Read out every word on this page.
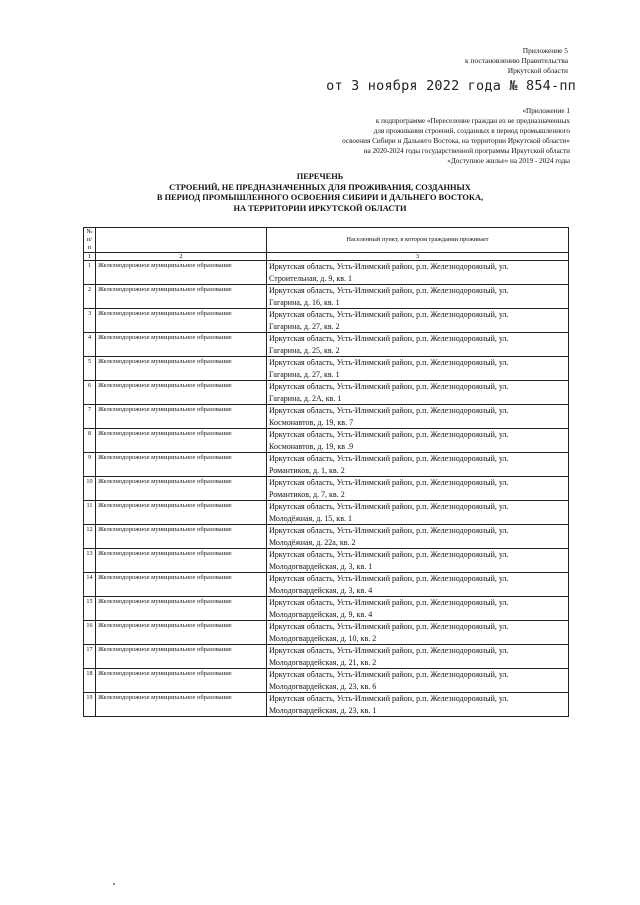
Приложение 5
к постановлению Правительства
Иркутской области
от 3 ноября 2022 года № 854-пп
«Приложение 1
к подпрограмме «Переселение граждан из не предназначенных
для проживания строений, созданных в период промышленного
освоения Сибири и Дальнего Востока, на территории Иркутской области»
на 2020-2024 годы государственной программы Иркутской области
«Доступное жилье» на 2019 - 2024 годы
ПЕРЕЧЕНЬ
СТРОЕНИЙ, НЕ ПРЕДНАЗНАЧЕННЫХ ДЛЯ ПРОЖИВАНИЯ, СОЗДАННЫХ
В ПЕРИОД ПРОМЫШЛЕННОГО ОСВОЕНИЯ СИБИРИ И ДАЛЬНЕГО ВОСТОКА,
НА ТЕРРИТОРИИ ИРКУТСКОЙ ОБЛАСТИ
№
п/п		Населенный пункт, в котором граждании проживает
1	2	3
1	Железнодорожное муниципальное образование	Иркутская область, Усть-Илимский район, р.п. Железнодорожный, ул.
Строительная, д. 9, кв. 1

2	Железнодорожное муниципальное образование	Иркутская область, Усть-Илимский район, р.п. Железнодорожный, ул.
Гагарина, д. 16, кв. 1

3	Железнодорожное муниципальное образование	Иркутская область, Усть-Илимский район, р.п. Железнодорожный, ул.
Гагарина, д. 27, кв. 2

4	Железнодорожное муниципальное образование	Иркутская область, Усть-Илимский район, р.п. Железнодорожный, ул.
Гагарина, д. 25, кв. 2

5	Железнодорожное муниципальное образование	Иркутская область, Усть-Илимский район, р.п. Железнодорожный, ул.
Гагарина, д. 27, кв. 1

6	Железнодорожное муниципальное образование	Иркутская область, Усть-Илимский район, р.п. Железнодорожный, ул.
Гагарина, д. 2А, кв. 1

7	Железнодорожное муниципальное образование	Иркутская область, Усть-Илимский район, р.п. Железнодорожный, ул.
Космонавтов, д. 19, кв. 7

8	Железнодорожное муниципальное образование	Иркутская область, Усть-Илимский район, р.п. Железнодорожный, ул.
Космонавтов, д. 19, кв .9

9	Железнодорожное муниципальное образование	Иркутская область, Усть-Илимский район, р.п. Железнодорожный, ул.
Романтиков, д. 1, кв. 2

10	Железнодорожное муниципальное образование	Иркутская область, Усть-Илимский район, р.п. Железнодорожный, ул.
Романтиков, д. 7, кв. 2

11	Железнодорожное муниципальное образование	Иркутская область, Усть-Илимский район, р.п. Железнодорожный, ул.
Молодёжная, д. 15, кв. 1

12	Железнодорожное муниципальное образование	Иркутская область, Усть-Илимский район, р.п. Железнодорожный, ул.
Молодёжная, д. 22а, кв. 2

13	Железнодорожное муниципальное образование	Иркутская область, Усть-Илимский район, р.п. Железнодорожный, ул.
Молодогвардейская, д. 3, кв. 1

14	Железнодорожное муниципальное образование	Иркутская область, Усть-Илимский район, р.п. Железнодорожный, ул.
Молодогвардейская, д. 3, кв. 4

15	Железнодорожное муниципальное образование	Иркутская область, Усть-Илимский район, р.п. Железнодорожный, ул.
Молодогвардейская, д. 9, кв. 4

16	Железнодорожное муниципальное образование	Иркутская область, Усть-Илимский район, р.п. Железнодорожный, ул.
Молодогвардейская, д. 10, кв. 2

17	Железнодорожное муниципальное образование	Иркутская область, Усть-Илимский район, р.п. Железнодорожный, ул.
Молодогвардейская, д. 21, кв. 2

18	Железнодорожное муниципальное образование	Иркутская область, Усть-Илимский район, р.п. Железнодорожный, ул.
Молодогвардейская, д. 23, кв. 6

19	Железнодорожное муниципальное образование	Иркутская область, Усть-Илимский район, р.п. Железнодорожный, ул.
Молодогвардейская, д. 23, кв. 1
